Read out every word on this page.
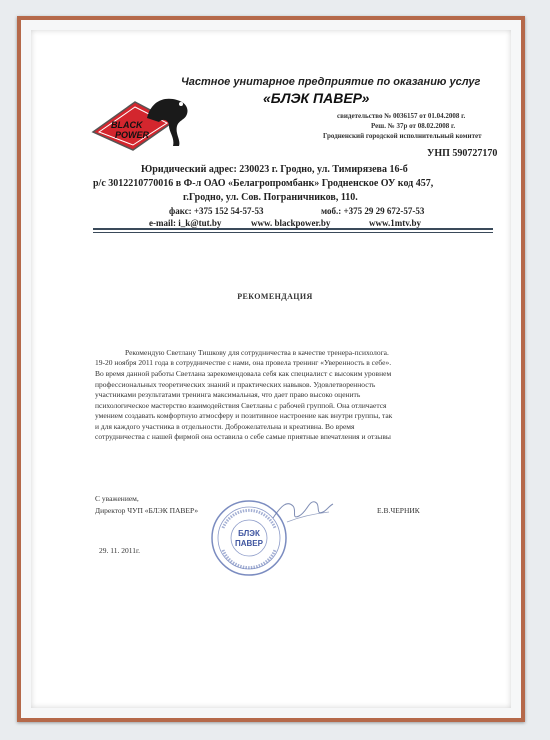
BLACK
POWER
Частное унитарное предприятие по оказанию услуг
«БЛЭК ПАВЕР»
свидетельство № 0036157 от 01.04.2008 г.
Реш. № 37р от 08.02.2008 г.
Гродненский городской исполнительный комитет
УНП 590727170
Юридический адрес: 230023 г. Гродно, ул. Тимирязева 16-б
р/с 3012210770016 в Ф-л ОАО «Белагропромбанк» Гродненское ОУ код 457,
г.Гродно, ул. Сов. Пограничников, 110.
факс: +375 152 54-57-53	моб.: +375 29 29 672-57-53
e-mail: i_k@tut.by	www. blackpower.by	www.1mtv.by
РЕКОМЕНДАЦИЯ
Рекомендую Светлану Тишкову для сотрудничества в качестве тренера-психолога.
19-20 ноября 2011 года в сотрудничестве с нами, она провела тренинг «Уверенность в себе».
Во время данной работы Светлана зарекомендовала себя как специалист с высоким уровнем
профессиональных теоретических знаний и практических навыков. Удовлетворенность
участниками результатами тренинга максимальная, что дает право высоко оценить
психологическое мастерство взаимодействия Светланы с рабочей группой. Она отличается
умением создавать комфортную атмосферу и позитивное настроение как внутри группы, так
и для каждого участника в отдельности. Доброжелательна и креативна. Во время
сотрудничества с нашей фирмой она оставила о себе самые приятные впечатления и отзывы
С уважением,
Директор ЧУП «БЛЭК ПАВЕР»	Е.В.ЧЕРНИК
29. 11. 2011г.
БЛЭК
ПАВЕР
